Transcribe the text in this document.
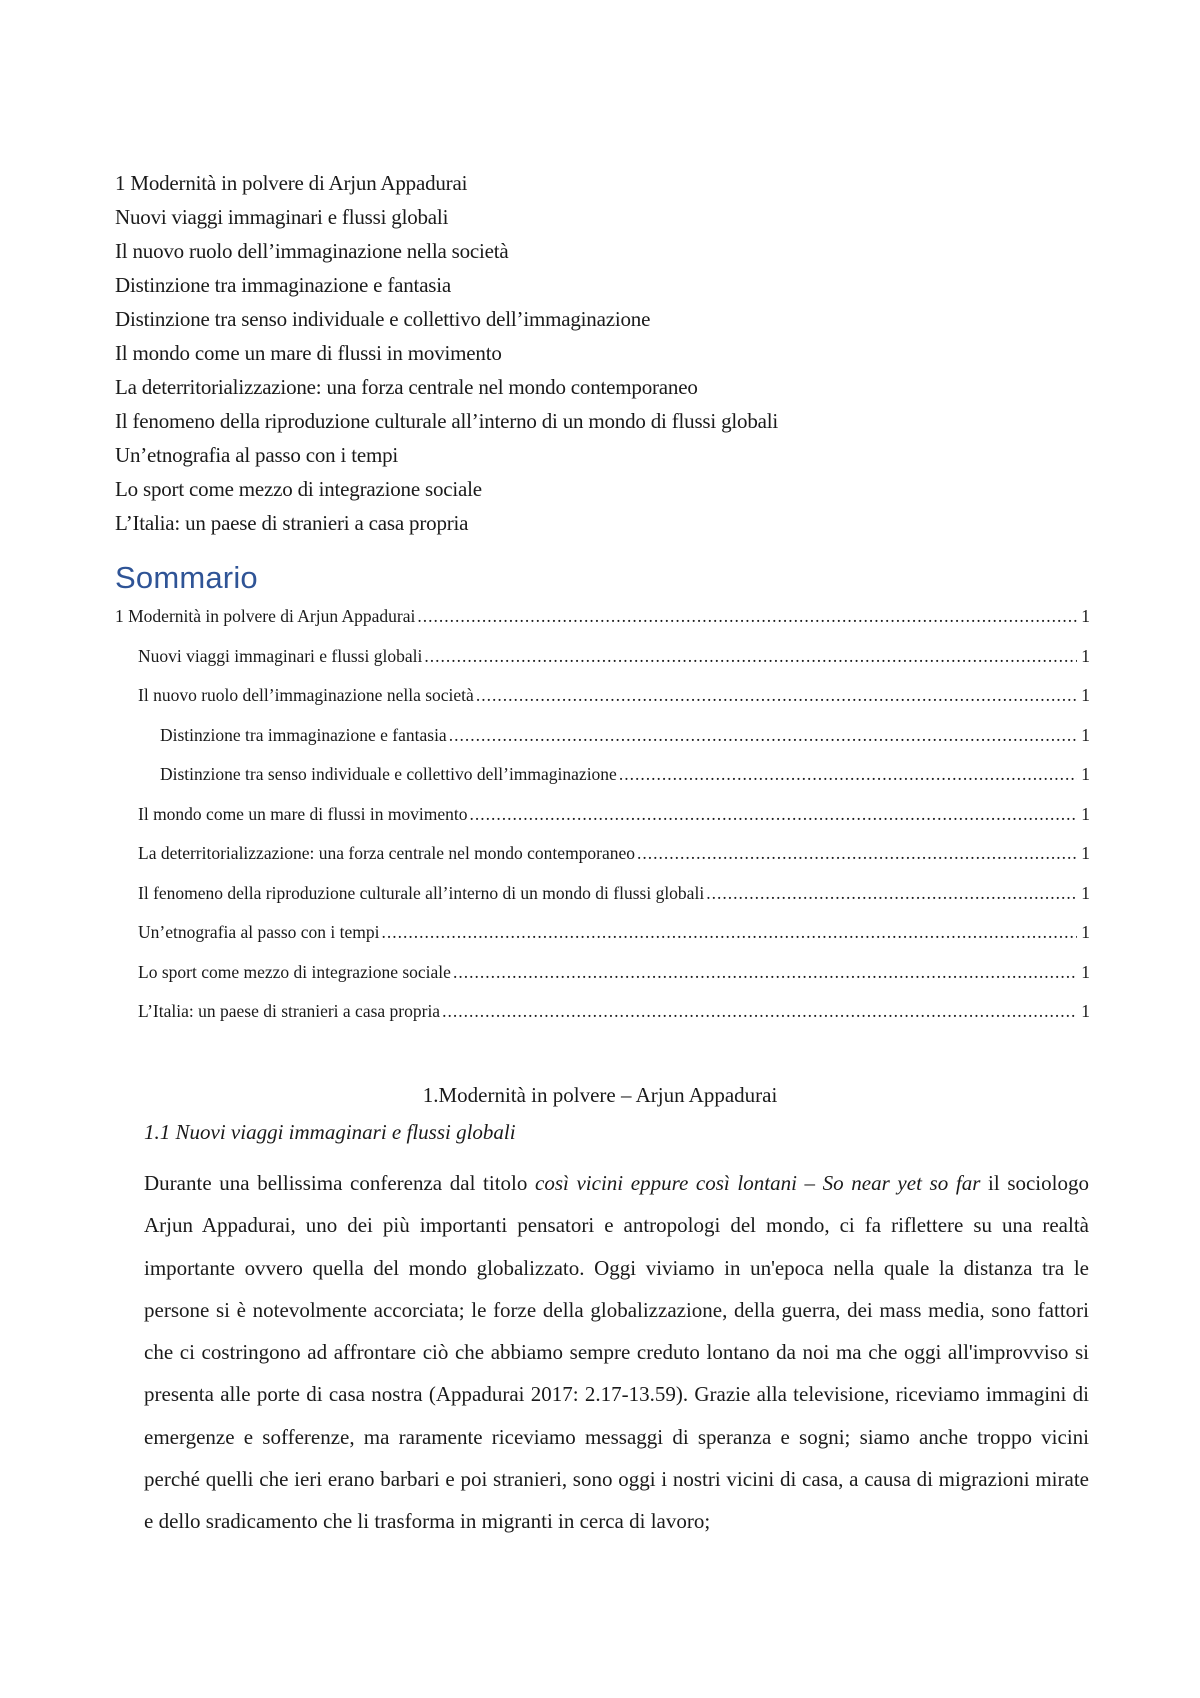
1 Modernità in polvere di Arjun Appadurai
Nuovi viaggi immaginari e flussi globali
Il nuovo ruolo dell’immaginazione nella società
Distinzione tra immaginazione e fantasia
Distinzione tra senso individuale e collettivo dell’immaginazione
Il mondo come un mare di flussi in movimento
La deterritorializzazione: una forza centrale nel mondo contemporaneo
Il fenomeno della riproduzione culturale all’interno di un mondo di flussi globali
Un’etnografia al passo con i tempi
Lo sport come mezzo di integrazione sociale
L’Italia: un paese di stranieri a casa propria
Sommario
1 Modernità in polvere di Arjun Appadurai .....	1
Nuovi viaggi immaginari e flussi globali .....	1
Il nuovo ruolo dell’immaginazione nella società .....	1
Distinzione tra immaginazione e fantasia .....	1
Distinzione tra senso individuale e collettivo dell’immaginazione .....	1
Il mondo come un mare di flussi in movimento .....	1
La deterritorializzazione: una forza centrale nel mondo contemporaneo .....	1
Il fenomeno della riproduzione culturale all’interno di un mondo di flussi globali .....	1
Un’etnografia al passo con i tempi .....	1
Lo sport come mezzo di integrazione sociale .....	1
L’Italia: un paese di stranieri a casa propria .....	1
1.Modernità in polvere – Arjun Appadurai
1.1 Nuovi viaggi immaginari e flussi globali
Durante una bellissima conferenza dal titolo così vicini eppure così lontani – So near yet so far il sociologo Arjun Appadurai, uno dei più importanti pensatori e antropologi del mondo, ci fa riflettere su una realtà importante ovvero quella del mondo globalizzato. Oggi viviamo in un'epoca nella quale la distanza tra le persone si è notevolmente accorciata; le forze della globalizzazione, della guerra, dei mass media, sono fattori che ci costringono ad affrontare ciò che abbiamo sempre creduto lontano da noi ma che oggi all'improvviso si presenta alle porte di casa nostra (Appadurai 2017: 2.17-13.59). Grazie alla televisione, riceviamo immagini di emergenze e sofferenze, ma raramente riceviamo messaggi di speranza e sogni; siamo anche troppo vicini perché quelli che ieri erano barbari e poi stranieri, sono oggi i nostri vicini di casa, a causa di migrazioni mirate e dello sradicamento che li trasforma in migranti in cerca di lavoro;
